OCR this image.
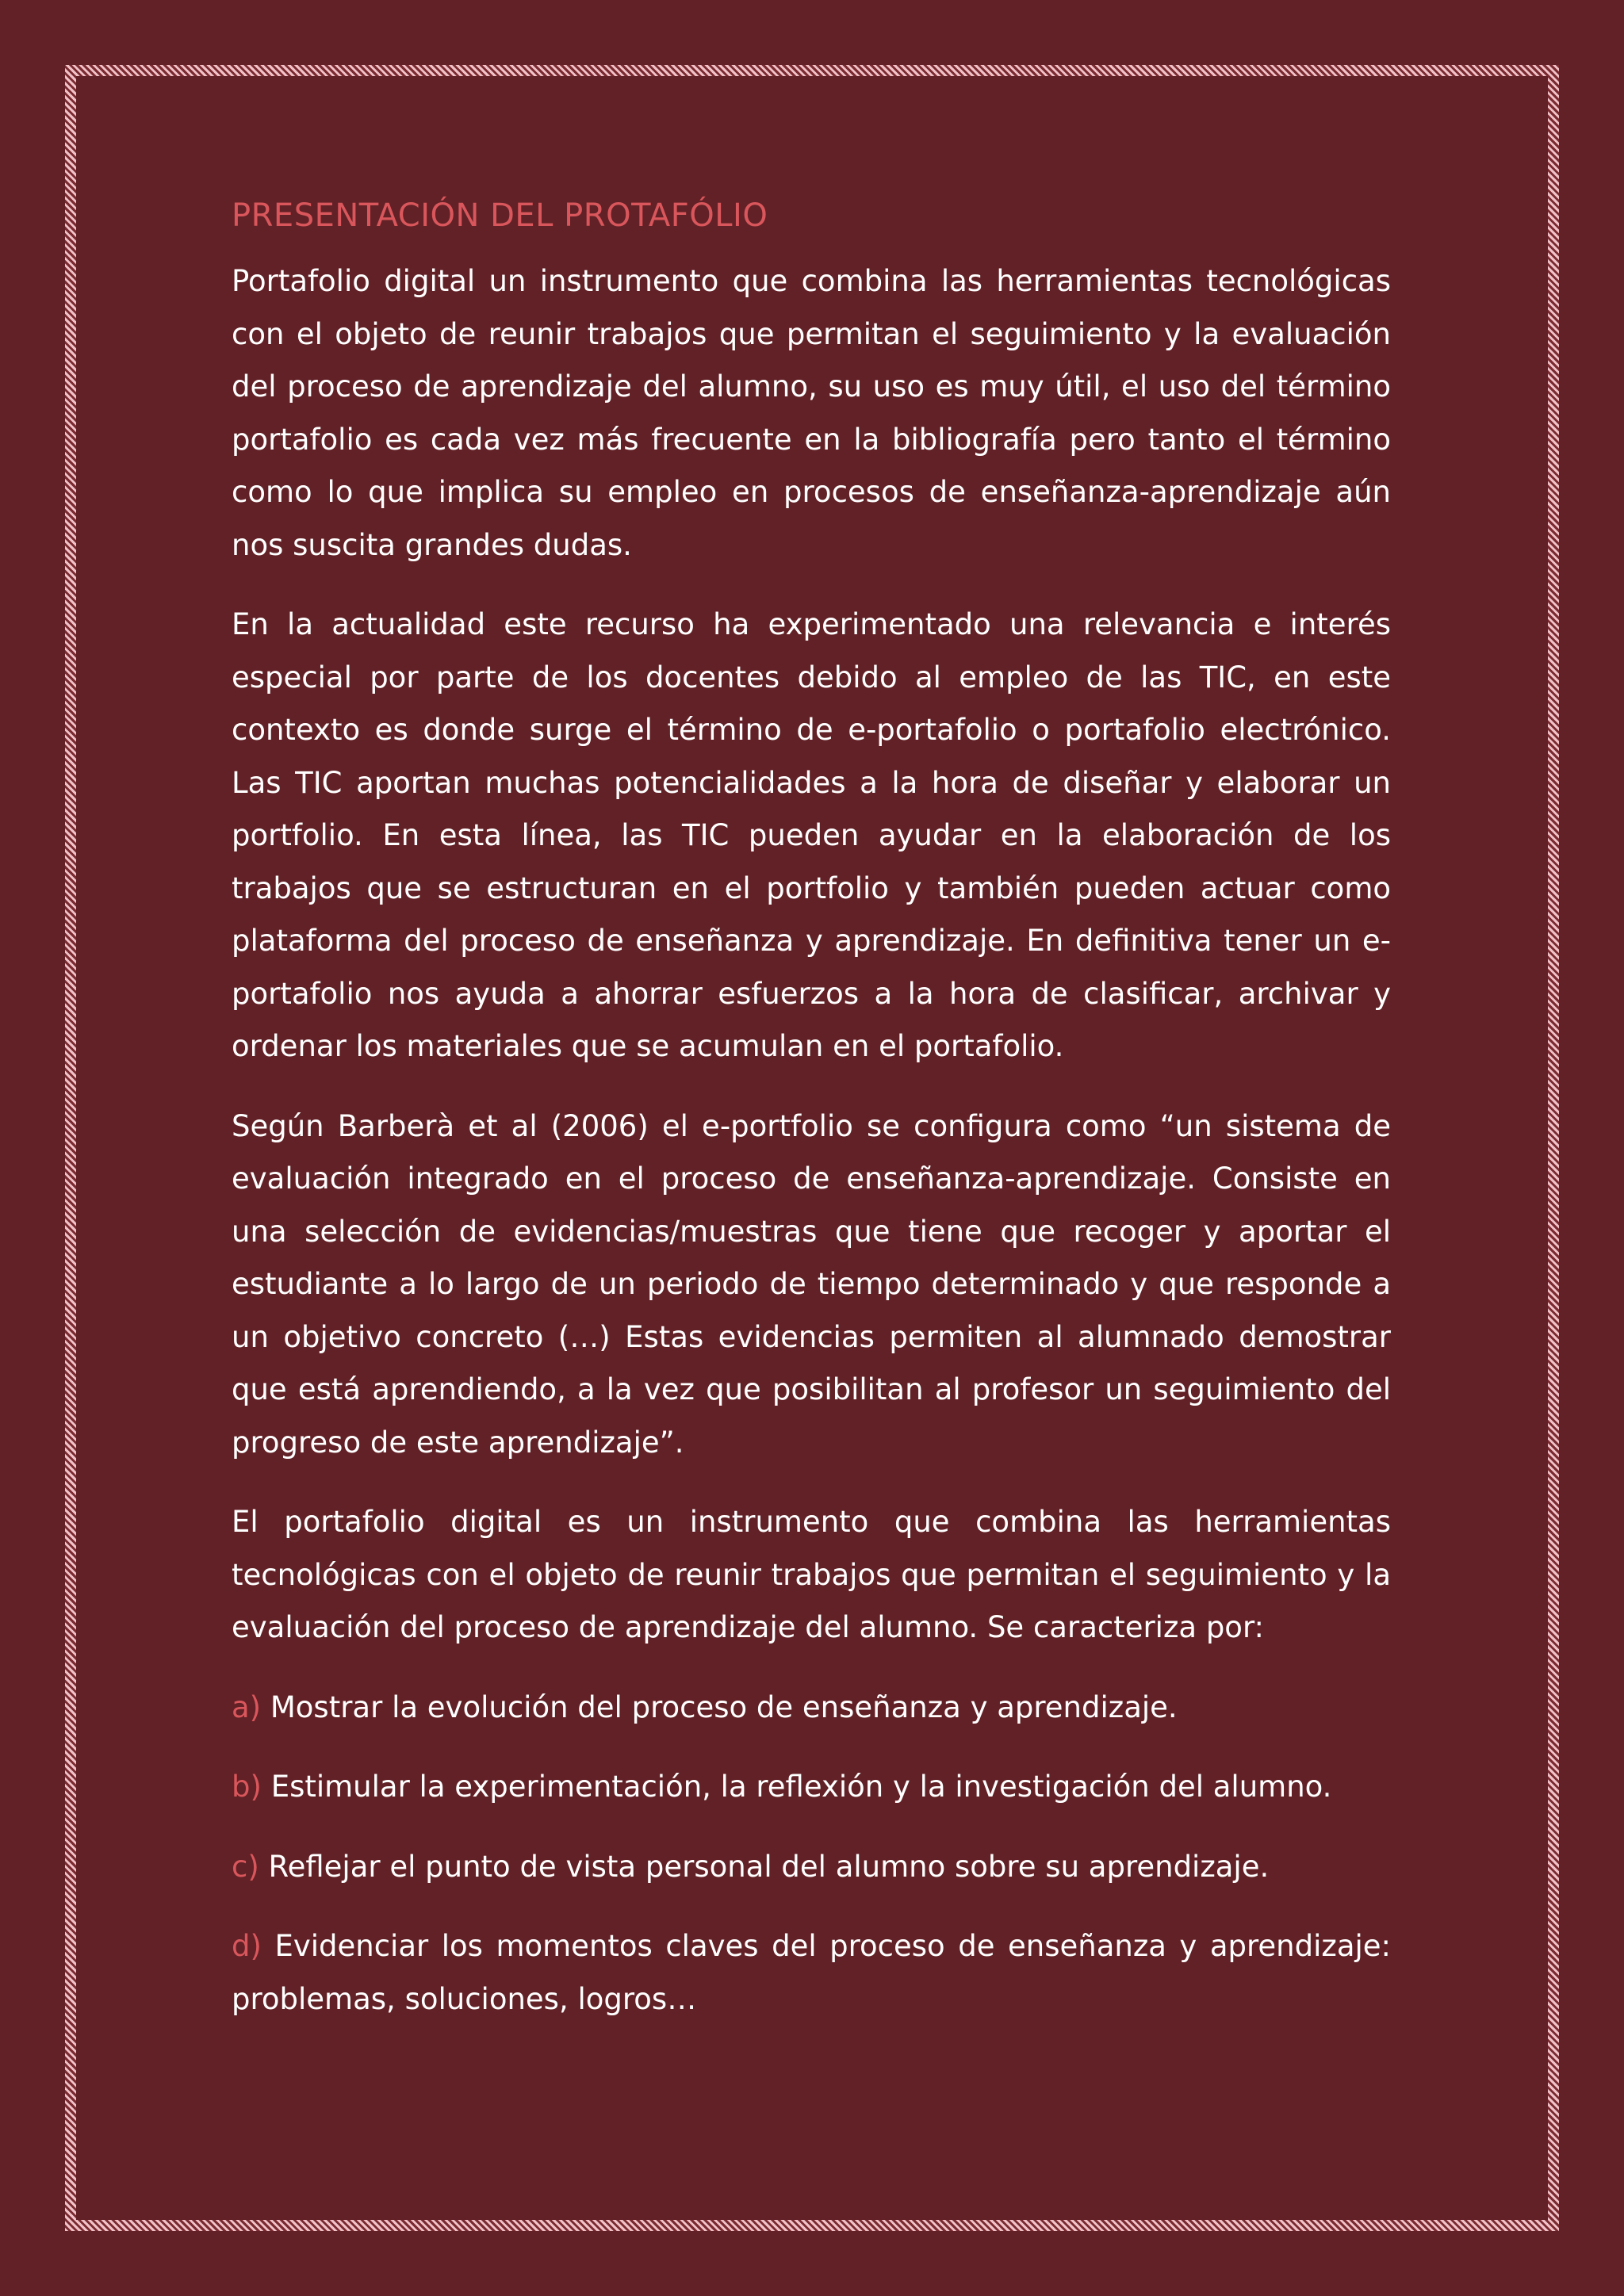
PRESENTACIÓN DEL PROTAFÓLIO

Portafolio digital un instrumento que combina las herramientas tecnológicas con el objeto de reunir trabajos que permitan el seguimiento y la evaluación del proceso de aprendizaje del alumno, su uso es muy útil, el uso del término portafolio es cada vez más frecuente en la bibliografía pero tanto el término como lo que implica su empleo en procesos de enseñanza-aprendizaje aún nos suscita grandes dudas.

En la actualidad este recurso ha experimentado una relevancia e interés especial por parte de los docentes debido al empleo de las TIC, en este contexto es donde surge el término de e-portafolio o portafolio electrónico. Las TIC aportan muchas potencialidades a la hora de diseñar y elaborar un portfolio. En esta línea, las TIC pueden ayudar en la elaboración de los trabajos que se estructuran en el portfolio y también pueden actuar como plataforma del proceso de enseñanza y aprendizaje. En definitiva tener un e-portafolio nos ayuda a ahorrar esfuerzos a la hora de clasificar, archivar y ordenar los materiales que se acumulan en el portafolio.

Según Barberà et al (2006) el e-portfolio se configura como “un sistema de evaluación integrado en el proceso de enseñanza-aprendizaje. Consiste en una selección de evidencias/muestras que tiene que recoger y aportar el estudiante a lo largo de un periodo de tiempo determinado y que responde a un objetivo concreto (…) Estas evidencias permiten al alumnado demostrar que está aprendiendo, a la vez que posibilitan al profesor un seguimiento del progreso de este aprendizaje”.

El portafolio digital es un instrumento que combina las herramientas tecnológicas con el objeto de reunir trabajos que permitan el seguimiento y la evaluación del proceso de aprendizaje del alumno. Se caracteriza por:

a) Mostrar la evolución del proceso de enseñanza y aprendizaje.

b) Estimular la experimentación, la reflexión y la investigación del alumno.

c) Reflejar el punto de vista personal del alumno sobre su aprendizaje.

d) Evidenciar los momentos claves del proceso de enseñanza y aprendizaje: problemas, soluciones, logros…
